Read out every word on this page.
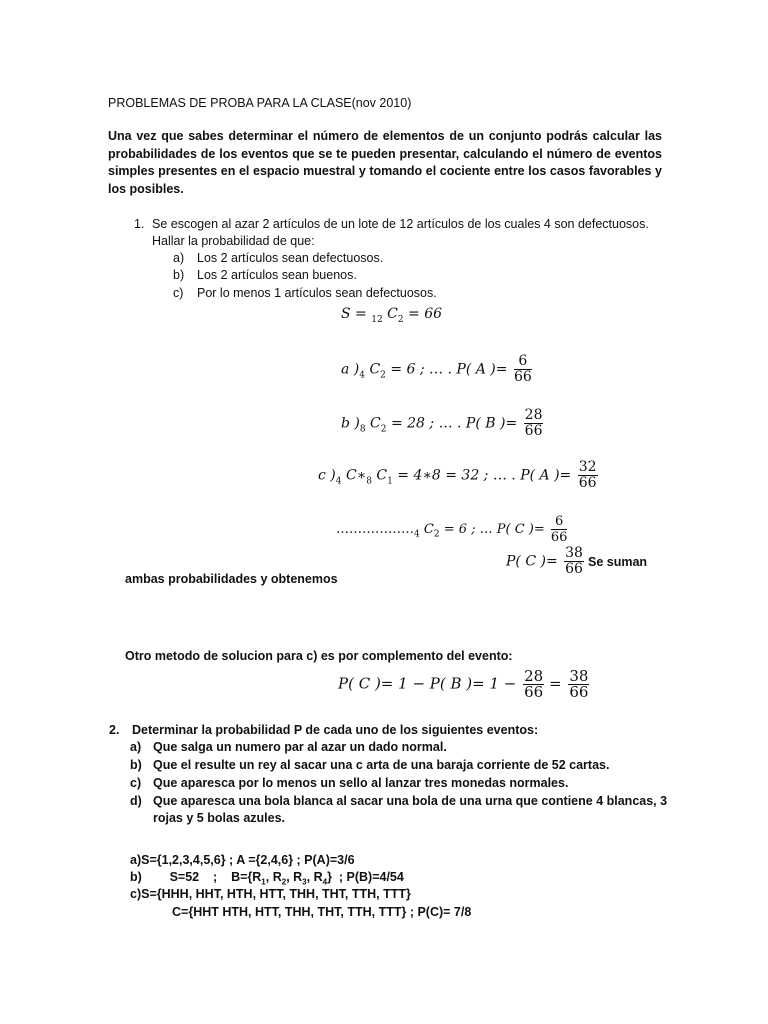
PROBLEMAS DE PROBA PARA LA CLASE(nov 2010)
Una vez que sabes determinar el número de elementos de un conjunto podrás calcular las probabilidades de los eventos que se te pueden presentar, calculando el número de eventos simples presentes en el espacio muestral y tomando el cociente entre los casos favorables y los posibles.
1. Se escogen al azar 2 artículos de un lote de 12 artículos de los cuales 4 son defectuosos.
Hallar la probabilidad de que:
a) Los 2 artículos sean defectuosos.
b) Los 2 artículos sean buenos.
c) Por lo menos 1 artículos sean defectuosos.
S = $_{12}$ $C_2 = 66$
a )$_4$ $C_2 = 6$ ; … . P( A )= $\frac{6}{66}$
b )$_8$ $C_2 = 28$ ; … . P( B )= $\frac{28}{66}$
c )$_4$ $C∗_8$ $C_1$ = 4∗8 = 32 ; … . P( A )= $\frac{32}{66}$
$\dots\dots\dots\dots\dots\dots_4$ $C_2 = 6$ ; … P( C )= $\frac{6}{66}$
P( C )= $\frac{38}{66}$ Se suman
ambas probabilidades y obtenemos
Otro metodo de solucion para c) es por complemento del evento:
P( C )= 1 − P( B )= $1 - \frac{28}{66} = \frac{38}{66}$
2. Determinar la probabilidad P de cada uno de los siguientes eventos:
a) Que salga un numero par al azar un dado normal.
b) Que el resulte un rey al sacar una c arta de una baraja corriente de 52 cartas.
c) Que aparesca por lo menos un sello al lanzar tres monedas normales.
d) Que aparesca una bola blanca al sacar una bola de una urna que contiene 4 blancas, 3
rojas y 5 bolas azules.
a)S={1,2,3,4,5,6} ; A ={2,4,6} ; P(A)=3/6
b)        S=52    ;    $B=\{R_1$, $R_2$, $R_3$, $R_4$}  ; P(B)=4/54
c)S={HHH, HHT, HTH, HTT, THH, THT, TTH, TTT}
C={HHT HTH, HTT, THH, THT, TTH, TTT} ; P(C)= 7/8
